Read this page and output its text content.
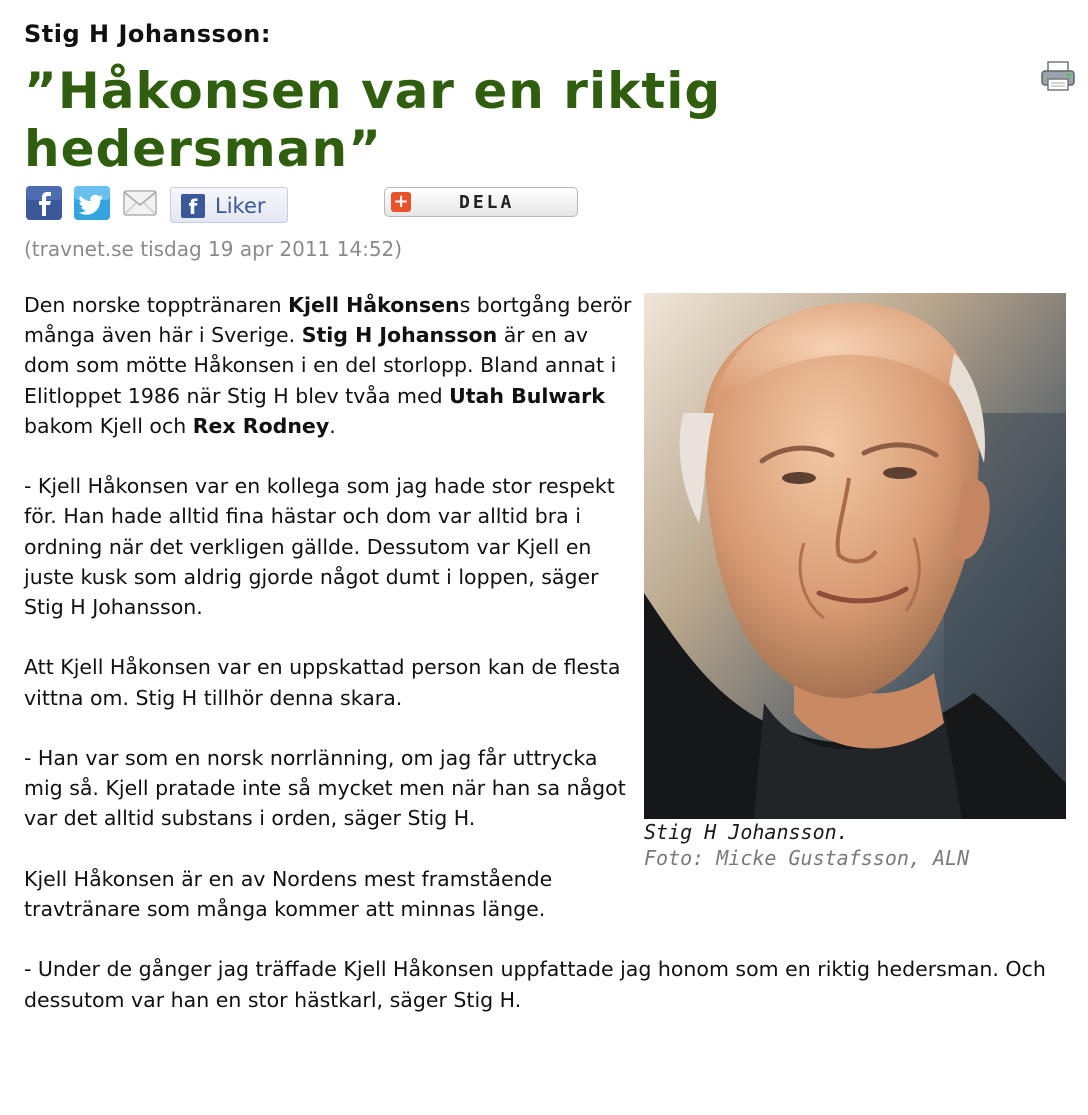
Stig H Johansson:
”Håkonsen var en riktig hedersman”
f Liker	+	DELA
(travnet.se tisdag 19 apr 2011 14:52)
Stig H Johansson.
Foto: Micke Gustafsson, ALN

Den norske topptränaren Kjell Håkonsens bortgång berör många även här i Sverige. Stig H Johansson är en av dom som mötte Håkonsen i en del storlopp. Bland annat i Elitloppet 1986 när Stig H blev tvåa med Utah Bulwark bakom Kjell och Rex Rodney.

- Kjell Håkonsen var en kollega som jag hade stor respekt för. Han hade alltid fina hästar och dom var alltid bra i ordning när det verkligen gällde. Dessutom var Kjell en juste kusk som aldrig gjorde något dumt i loppen, säger Stig H Johansson.

Att Kjell Håkonsen var en uppskattad person kan de flesta vittna om. Stig H tillhör denna skara.

- Han var som en norsk norrlänning, om jag får uttrycka mig så. Kjell pratade inte så mycket men när han sa något var det alltid substans i orden, säger Stig H.

Kjell Håkonsen är en av Nordens mest framstående travtränare som många kommer att minnas länge.

- Under de gånger jag träffade Kjell Håkonsen uppfattade jag honom som en riktig hedersman. Och dessutom var han en stor hästkarl, säger Stig H.
